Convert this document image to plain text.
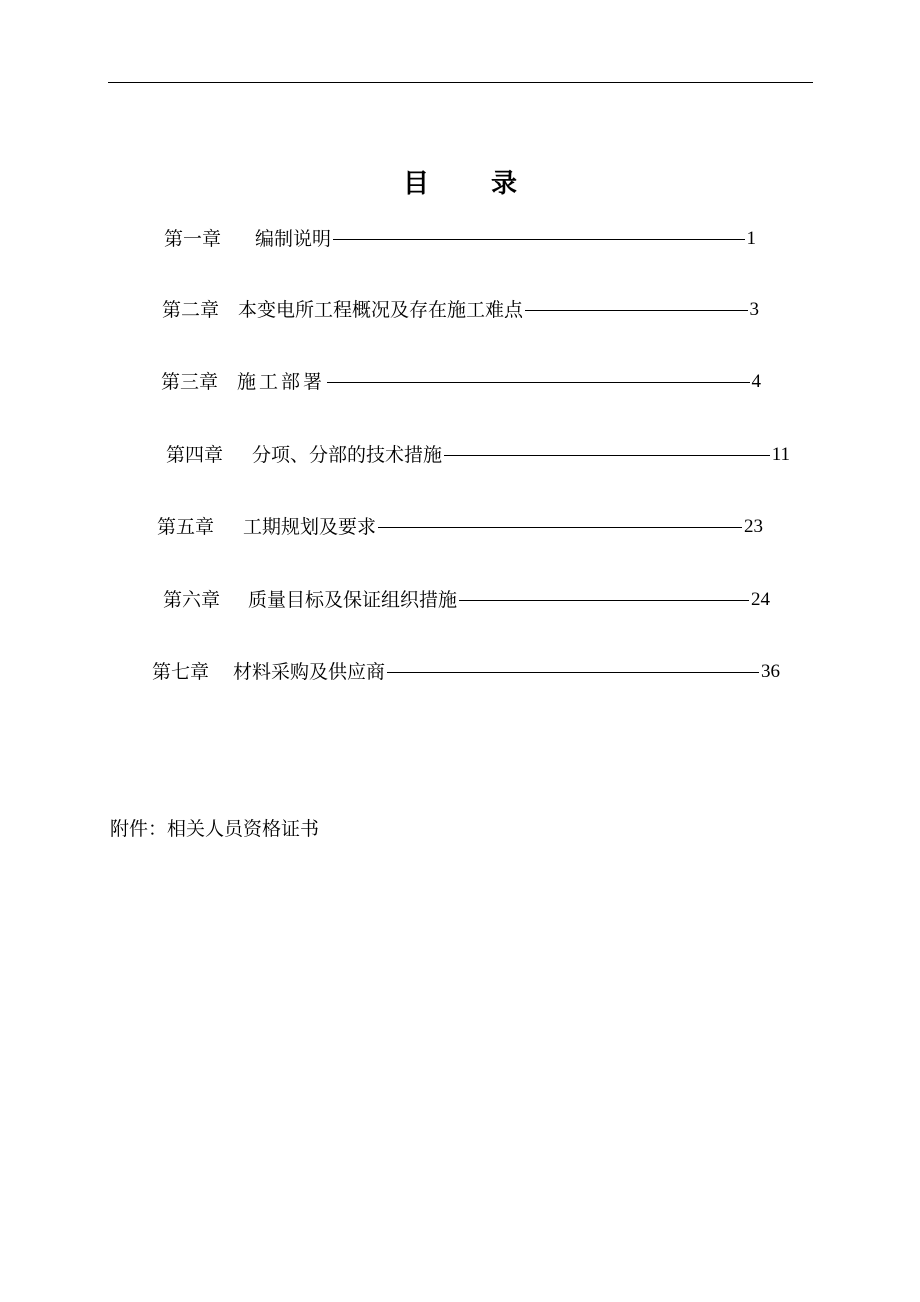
目 录
第一章 编制说明	1
第二章 本变电所工程概况及存在施工难点	3
第三章 施工部署	4
第四章 分项、分部的技术措施	11
第五章 工期规划及要求	23
第六章 质量目标及保证组织措施	24
第七章 材料采购及供应商	36
附件：相关人员资格证书
